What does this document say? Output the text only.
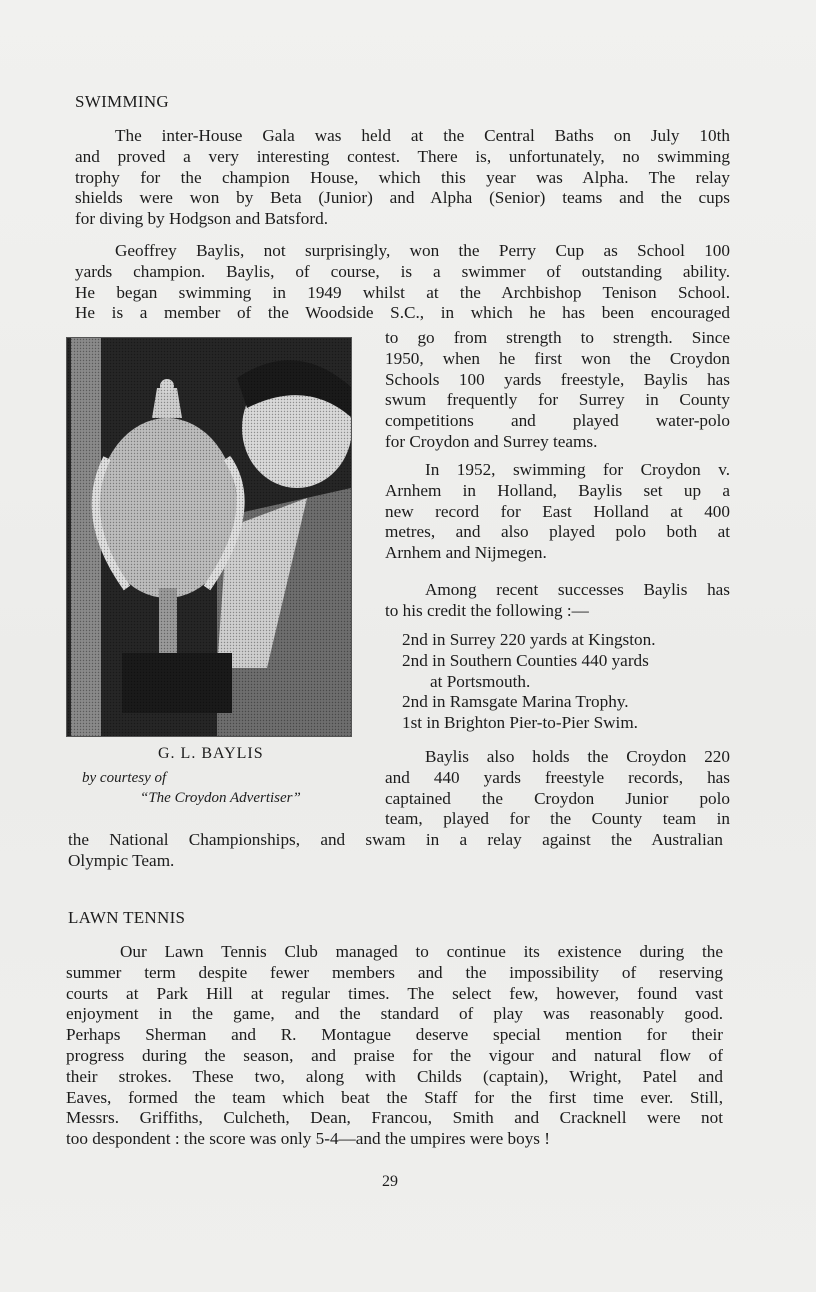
SWIMMING
The inter-House Gala was held at the Central Baths on July 10th
and proved a very interesting contest. There is, unfortunately, no swimming
trophy for the champion House, which this year was Alpha. The relay
shields were won by Beta (Junior) and Alpha (Senior) teams and the cups
for diving by Hodgson and Batsford.
Geoffrey Baylis, not surprisingly, won the Perry Cup as School 100
yards champion. Baylis, of course, is a swimmer of outstanding ability.
He began swimming in 1949 whilst at the Archbishop Tenison School.
He is a member of the Woodside S.C., in which he has been encouraged
to go from strength to strength. Since
1950, when he first won the Croydon
Schools 100 yards freestyle, Baylis has
swum frequently for Surrey in County
competitions and played water-polo
for Croydon and Surrey teams.
In 1952, swimming for Croydon v.
Arnhem in Holland, Baylis set up a
new record for East Holland at 400
metres, and also played polo both at
Arnhem and Nijmegen.
Among recent successes Baylis has
to his credit the following :—
2nd in Surrey 220 yards at Kingston.
2nd in Southern Counties 440 yards
at Portsmouth.
2nd in Ramsgate Marina Trophy.
1st in Brighton Pier-to-Pier Swim.
G. L. BAYLIS
by courtesy of
“The Croydon Advertiser”
Baylis also holds the Croydon 220
and 440 yards freestyle records, has
captained the Croydon Junior polo
team, played for the County team in
the National Championships, and swam in a relay against the Australian
Olympic Team.
LAWN TENNIS
Our Lawn Tennis Club managed to continue its existence during the
summer term despite fewer members and the impossibility of reserving
courts at Park Hill at regular times. The select few, however, found vast
enjoyment in the game, and the standard of play was reasonably good.
Perhaps Sherman and R. Montague deserve special mention for their
progress during the season, and praise for the vigour and natural flow of
their strokes. These two, along with Childs (captain), Wright, Patel and
Eaves, formed the team which beat the Staff for the first time ever. Still,
Messrs. Griffiths, Culcheth, Dean, Francou, Smith and Cracknell were not
too despondent : the score was only 5-4—and the umpires were boys !
29
